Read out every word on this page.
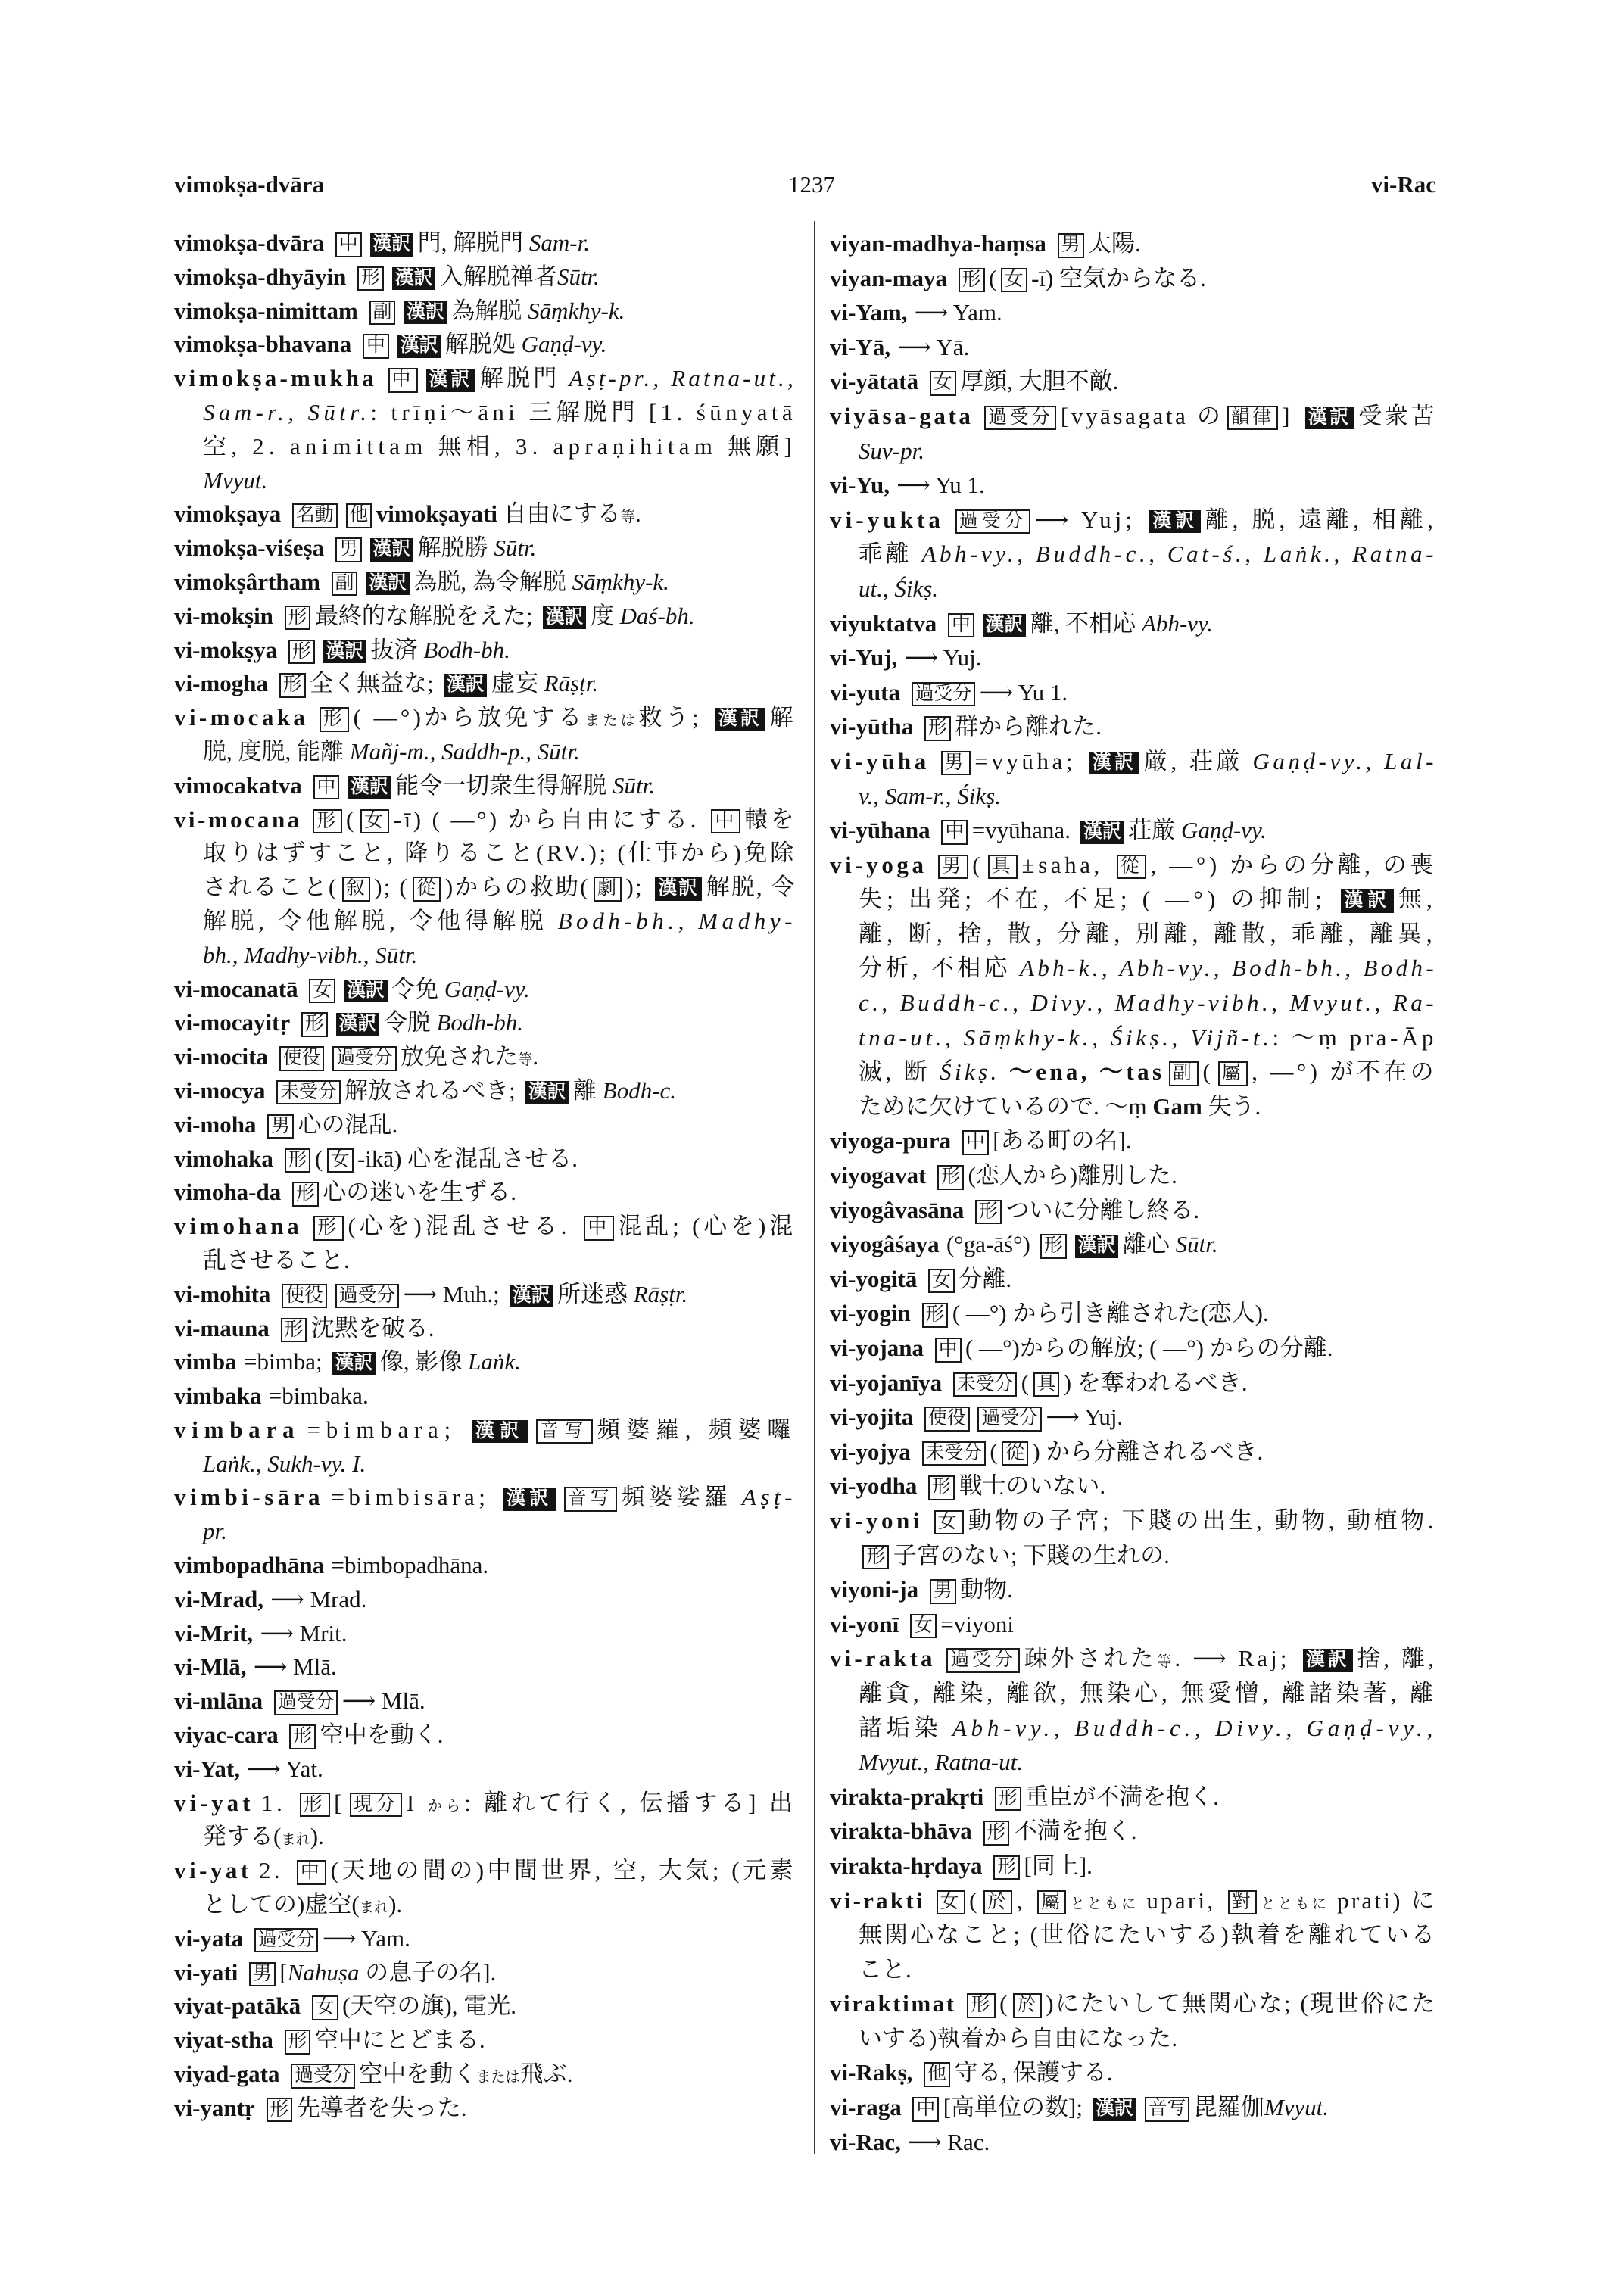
vimokṣa-dvāra	1237	vi-Rac
vimokṣa-dvāra 中 漢訳 門, 解脱門 Sam-r.
vimokṣa-dhyāyin 形 漢訳 入解脱禅者Sūtr.
vimokṣa-nimittam 副 漢訳 為解脱 Sāṃkhy-k.
vimokṣa-bhavana 中 漢訳 解脱処 Gaṇḍ-vy.
vimokṣa-mukha 中 漢訳 解脱門 Aṣṭ-pr., Ratna-ut.,
Sam-r., Sūtr.: trīṇi～āni 三解脱門 [1. śūnyatā
空, 2. animittam 無相, 3. apraṇihitam 無願]
Mvyut.
vimokṣaya 名動 他 vimokṣayati 自由にする等.
vimokṣa-viśeṣa 男 漢訳 解脱勝 Sūtr.
vimokṣârtham 副 漢訳 為脱, 為令解脱 Sāṃkhy-k.
vi-mokṣin 形 最終的な解脱をえた; 漢訳 度 Daś-bh.
vi-mokṣya 形 漢訳 抜済 Bodh-bh.
vi-mogha 形 全く無益な; 漢訳 虚妄 Rāṣṭr.
vi-mocaka 形 ( —°)から放免するまたは救う; 漢訳 解
脱, 度脱, 能離 Mañj-m., Saddh-p., Sūtr.
vimocakatva 中 漢訳 能令一切衆生得解脱 Sūtr.
vi-mocana 形 ( 女 -ī) ( —°) から自由にする. 中 轅を
取りはずすこと, 降りること(RV.); (仕事から)免除
されること( 叙 ); ( 從 )からの救助( 劇 ); 漢訳 解脱, 令
解脱, 令他解脱, 令他得解脱 Bodh-bh., Madhy-
bh., Madhy-vibh., Sūtr.
vi-mocanatā 女 漢訳 令免 Gaṇḍ-vy.
vi-mocayitṛ 形 漢訳 令脱 Bodh-bh.
vi-mocita 使役 過受分 放免された等.
vi-mocya 未受分 解放されるべき; 漢訳 離 Bodh-c.
vi-moha 男 心の混乱.
vimohaka 形 ( 女 -ikā) 心を混乱させる.
vimoha-da 形 心の迷いを生ずる.
vimohana 形 (心を)混乱させる. 中 混乱; (心を)混
乱させること.
vi-mohita 使役 過受分 ⟶ Muh.; 漢訳 所迷惑 Rāṣṭr.
vi-mauna 形 沈黙を破る.
vimba =bimba; 漢訳 像, 影像 Laṅk.
vimbaka =bimbaka.
vimbara =bimbara; 漢訳 音写 頻婆羅, 頻婆囉
Laṅk., Sukh-vy. I.
vimbi-sāra =bimbisāra; 漢訳 音写 頻婆娑羅 Aṣṭ-
pr.
vimbopadhāna =bimbopadhāna.
vi-Mrad, ⟶ Mrad.
vi-Mrit, ⟶ Mrit.
vi-Mlā, ⟶ Mlā.
vi-mlāna 過受分 ⟶ Mlā.
viyac-cara 形 空中を動く.
vi-Yat, ⟶ Yat.
vi-yat 1. 形 [ 現分 I から: 離れて行く, 伝播する] 出
発する(まれ).
vi-yat 2. 中 (天地の間の)中間世界, 空, 大気; (元素
としての)虚空(まれ).
vi-yata 過受分 ⟶ Yam.
vi-yati 男 [Nahuṣa の息子の名].
viyat-patākā 女 (天空の旗), 電光.
viyat-stha 形 空中にとどまる.
viyad-gata 過受分 空中を動くまたは飛ぶ.
vi-yantṛ 形 先導者を失った.
viyan-madhya-haṃsa 男 太陽.
viyan-maya 形 ( 女 -ī) 空気からなる.
vi-Yam, ⟶ Yam.
vi-Yā, ⟶ Yā.
vi-yātatā 女 厚顔, 大胆不敵.
viyāsa-gata 過受分 [vyāsagata の 韻律 ] 漢訳 受衆苦
Suv-pr.
vi-Yu, ⟶ Yu 1.
vi-yukta 過受分 ⟶ Yuj; 漢訳 離, 脱, 遠離, 相離,
乖離 Abh-vy., Buddh-c., Cat-ś., Laṅk., Ratna-
ut., Śikṣ.
viyuktatva 中 漢訳 離, 不相応 Abh-vy.
vi-Yuj, ⟶ Yuj.
vi-yuta 過受分 ⟶ Yu 1.
vi-yūtha 形 群から離れた.
vi-yūha 男 =vyūha; 漢訳 厳, 荘厳 Gaṇḍ-vy., Lal-
v., Sam-r., Śikṣ.
vi-yūhana 中 =vyūhana. 漢訳 荘厳 Gaṇḍ-vy.
vi-yoga 男 ( 具 ±saha, 從 , —°) からの分離, の喪
失; 出発; 不在, 不足; ( —°) の抑制; 漢訳 無,
離, 断, 捨, 散, 分離, 別離, 離散, 乖離, 離異,
分析, 不相応 Abh-k., Abh-vy., Bodh-bh., Bodh-
c., Buddh-c., Divy., Madhy-vibh., Mvyut., Ra-
tna-ut., Sāṃkhy-k., Śikṣ., Vijñ-t.: ～ṃ pra-Āp
滅, 断 Śikṣ. ～ena, ～tas 副 ( 屬 , —°) が不在の
ために欠けているので. ～ṃ Gam 失う.
viyoga-pura 中 [ある町の名].
viyogavat 形 (恋人から)離別した.
viyogâvasāna 形 ついに分離し終る.
viyogâśaya (°ga-āś°) 形 漢訳 離心 Sūtr.
vi-yogitā 女 分離.
vi-yogin 形 ( —°) から引き離された(恋人).
vi-yojana 中 ( —°)からの解放; ( —°) からの分離.
vi-yojanīya 未受分 ( 具 ) を奪われるべき.
vi-yojita 使役 過受分 ⟶ Yuj.
vi-yojya 未受分 ( 從 ) から分離されるべき.
vi-yodha 形 戦士のいない.
vi-yoni 女 動物の子宮; 下賤の出生, 動物, 動植物.
形 子宮のない; 下賤の生れの.
viyoni-ja 男 動物.
vi-yonī 女 =viyoni
vi-rakta 過受分 疎外された等. ⟶ Raj; 漢訳 捨, 離,
離貪, 離染, 離欲, 無染心, 無愛憎, 離諸染著, 離
諸垢染 Abh-vy., Buddh-c., Divy., Gaṇḍ-vy.,
Mvyut., Ratna-ut.
virakta-prakṛti 形 重臣が不満を抱く.
virakta-bhāva 形 不満を抱く.
virakta-hṛdaya 形 [同上].
vi-rakti 女 ( 於 , 屬 とともに upari, 對 とともに prati) に
無関心なこと; (世俗にたいする)執着を離れている
こと.
viraktimat 形 ( 於 )にたいして無関心な; (現世俗にた
いする)執着から自由になった.
vi-Rakṣ, 他 守る, 保護する.
vi-raga 中 [高単位の数]; 漢訳 音写 毘羅伽Mvyut.
vi-Rac, ⟶ Rac.
